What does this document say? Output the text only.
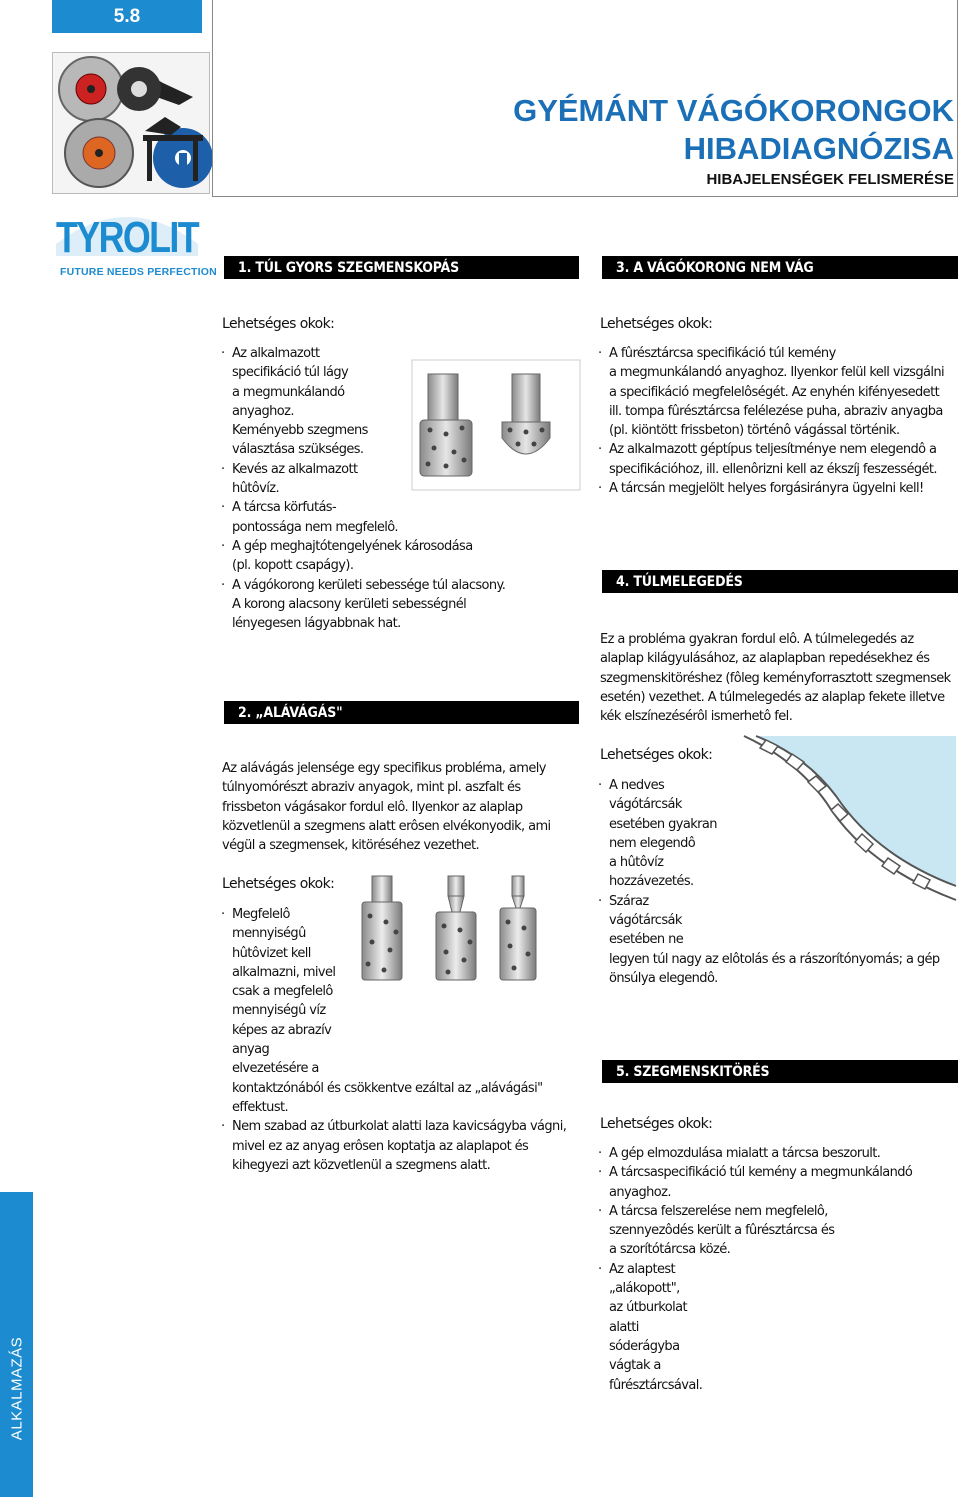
5.8
TYROLIT
FUTURE NEEDS PERFECTION
GYÉMÁNT VÁGÓKORONGOK
HIBADIAGNÓZISA
HIBAJELENSÉGEK FELISMERÉSE
1. TÚL GYORS SZEGMENSKOPÁS
Lehetséges okok:
· Az alkalmazott
specifikáció túl lágy
a megmunkálandó
anyaghoz.
Keményebb szegmens
választása szükséges.
· Kevés az alkalmazott
hûtôvíz.
· A tárcsa körfutás-
pontossága nem megfelelô.
· A gép meghajtótengelyének károsodása
(pl. kopott csapágy).
· A vágókorong kerületi sebessége túl alacsony.
A korong alacsony kerületi sebességnél
lényegesen lágyabbnak hat.
2. „ALÁVÁGÁS"

Az alávágás jelensége egy specifikus probléma, amely
túlnyomórészt abraziv anyagok, mint pl. aszfalt és
frissbeton vágásakor fordul elô. Ilyenkor az alaplap
közvetlenül a szegmens alatt erôsen elvékonyodik, ami
végül a szegmensek, kitöréséhez vezethet.

Lehetséges okok:
· Megfelelô
mennyiségû
hûtôvizet kell
alkalmazni, mivel
csak a megfelelô
mennyiségû víz
képes az abrazív
anyag
elvezetésére a
kontaktzónából és csökkentve ezáltal az „alávágási"
effektust.
· Nem szabad az útburkolat alatti laza kavicságyba vágni,
mivel ez az anyag erôsen koptatja az alaplapot és
kihegyezi azt közvetlenül a szegmens alatt.
3. A VÁGÓKORONG NEM VÁG
Lehetséges okok:
· A fûrésztárcsa specifikáció túl kemény
a megmunkálandó anyaghoz. Ilyenkor felül kell vizsgálni
a specifikáció megfelelôségét. Az enyhén kifényesedett
ill. tompa fûrésztárcsa felélezése puha, abraziv anyagba
(pl. kiöntött frissbeton) történô vágással történik.
· Az alkalmazott géptípus teljesítménye nem elegendô a
specifikációhoz, ill. ellenôrizni kell az ékszíj feszességét.
· A tárcsán megjelölt helyes forgásirányra ügyelni kell!
4. TÚLMELEGEDÉS

Ez a probléma gyakran fordul elô. A túlmelegedés az
alaplap kilágyulásához, az alaplapban repedésekhez és
szegmenskitöréshez (fôleg keményforrasztott szegmensek
esetén) vezethet. A túlmelegedés az alaplap fekete illetve
kék elszínezésérôl ismerhetô fel.

Lehetséges okok:
· A nedves
vágótárcsák
esetében gyakran
nem elegendô
a hûtôvíz
hozzávezetés.
· Száraz
vágótárcsák
esetében ne
legyen túl nagy az elôtolás és a rászorítónyomás; a gép
önsúlya elegendô.
5. SZEGMENSKITÖRÉS
Lehetséges okok:
· A gép elmozdulása mialatt a tárcsa beszorult.
· A tárcsaspecifikáció túl kemény a megmunkálandó
anyaghoz.
· A tárcsa felszerelése nem megfelelô,
szennyezôdés került a fûrésztárcsa és
a szorítótárcsa közé.
· Az alaptest
„alákopott",
az útburkolat
alatti
sóderágyba
vágtak a
fûrésztárcsával.
ALKALMAZÁS
